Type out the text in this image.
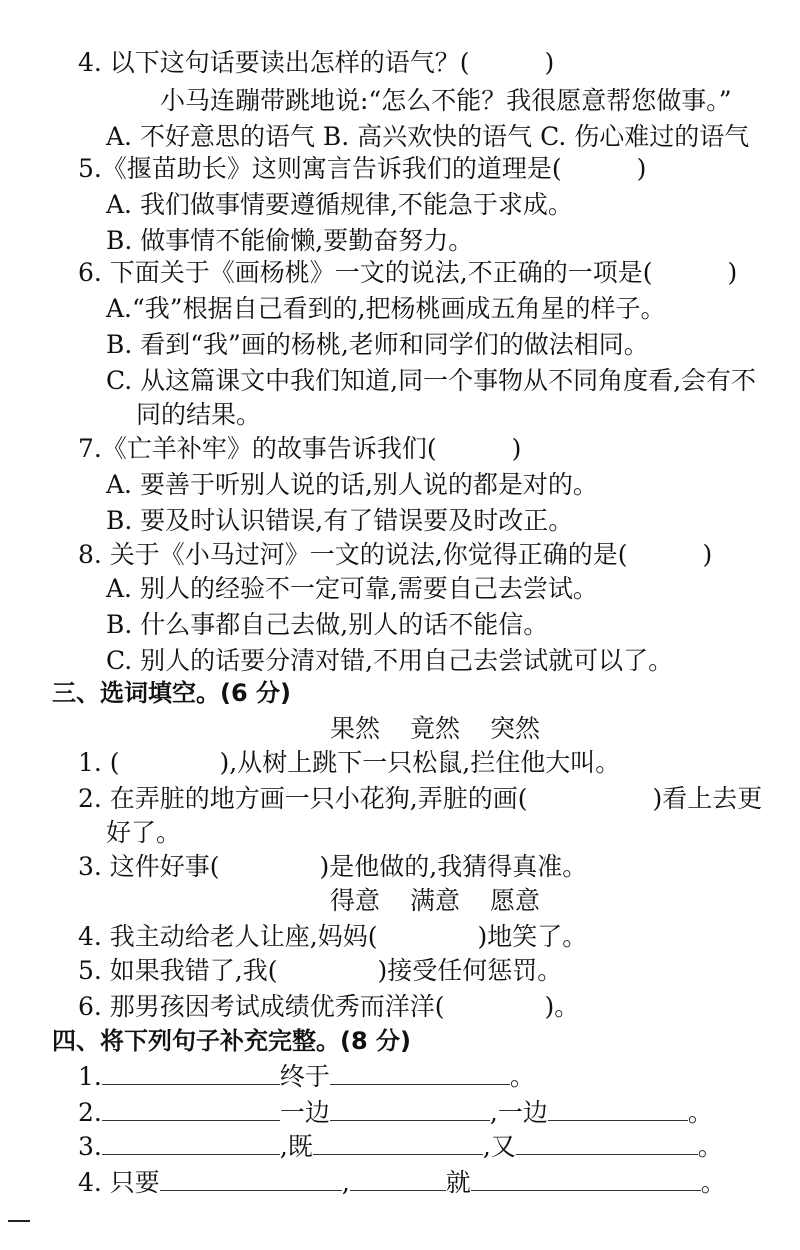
4. 以下这句话要读出怎样的语气？(　　　)
小马连蹦带跳地说:“怎么不能？我很愿意帮您做事。”
A. 不好意思的语气 B. 高兴欢快的语气 C. 伤心难过的语气
5.《揠苗助长》这则寓言告诉我们的道理是(　　　)
A. 我们做事情要遵循规律,不能急于求成。
B. 做事情不能偷懒,要勤奋努力。
6. 下面关于《画杨桃》一文的说法,不正确的一项是(　　　)
A.“我”根据自己看到的,把杨桃画成五角星的样子。
B. 看到“我”画的杨桃,老师和同学们的做法相同。
C. 从这篇课文中我们知道,同一个事物从不同角度看,会有不
同的结果。
7.《亡羊补牢》的故事告诉我们(　　　)
A. 要善于听别人说的话,别人说的都是对的。
B. 要及时认识错误,有了错误要及时改正。
8. 关于《小马过河》一文的说法,你觉得正确的是(　　　)
A. 别人的经验不一定可靠,需要自己去尝试。
B. 什么事都自己去做,别人的话不能信。
C. 别人的话要分清对错,不用自己去尝试就可以了。
三、选词填空。(6 分)
果然 竟然 突然
1. (　　　　),从树上跳下一只松鼠,拦住他大叫。
2. 在弄脏的地方画一只小花狗,弄脏的画(　　　　　)看上去更
好了。
3. 这件好事(　　　　)是他做的,我猜得真准。
得意 满意 愿意
4. 我主动给老人让座,妈妈(　　　　)地笑了。
5. 如果我错了,我(　　　　)接受任何惩罚。
6. 那男孩因考试成绩优秀而洋洋(　　　　)。
四、将下列句子补充完整。(8 分)
1.	终于	。
2.	一边	,一边	。
3.	,既	,又	。
4. 只要	,	就	。
